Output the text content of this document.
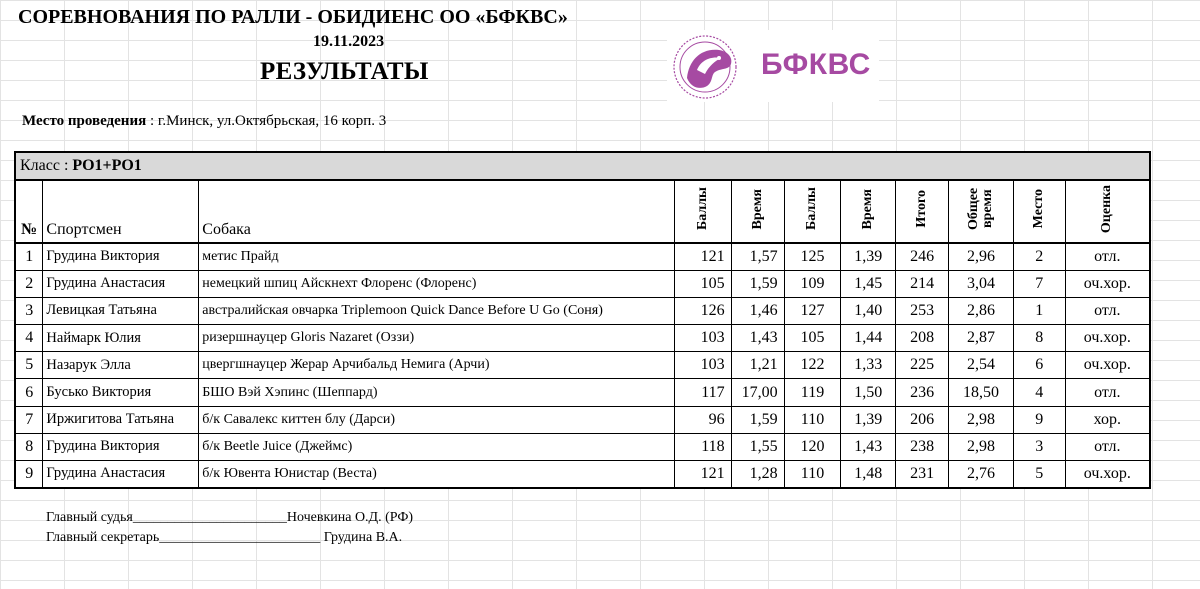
СОРЕВНОВАНИЯ ПО РАЛЛИ - ОБИДИЕНС ОО «БФКВС»
19.11.2023
РЕЗУЛЬТАТЫ	БФКВС
Место проведения : г.Минск, ул.Октябрьская, 16 корп. 3
Класс : РО1+РО1										
№	Спортсмен	Собака	Баллы	Время	Баллы	Время	Итого	Общее время	Место	Оценка
1	Грудина Виктория	метис Прайд	121	1,57	125	1,39	246	2,96	2	отл.
2	Грудина Анастасия	немецкий шпиц Айскнехт Флоренс (Флоренс)	105	1,59	109	1,45	214	3,04	7	оч.хор.
3	Левицкая Татьяна	австралийская овчарка Triplemoon Quick Dance Before U Go (Соня)	126	1,46	127	1,40	253	2,86	1	отл.
4	Наймарк Юлия	ризершнауцер Gloris Nazaret (Оззи)	103	1,43	105	1,44	208	2,87	8	оч.хор.
5	Назарук Элла	цвергшнауцер Жерар Арчибальд Немига (Арчи)	103	1,21	122	1,33	225	2,54	6	оч.хор.
6	Бусько Виктория	БШО Вэй Хэпинс (Шеппард)	117	17,00	119	1,50	236	18,50	4	отл.
7	Иржигитова Татьяна	б/к Савалекс киттен блу (Дарси)	96	1,59	110	1,39	206	2,98	9	хор.
8	Грудина Виктория	б/к Beetle Juice (Джеймс)	118	1,55	120	1,43	238	2,98	3	отл.
9	Грудина Анастасия	б/к Ювента Юнистар (Веста)	121	1,28	110	1,48	231	2,76	5	оч.хор.
Главный судья______________________Ночевкина О.Д. (РФ)
Главный секретарь_______________________ Грудина В.А.
